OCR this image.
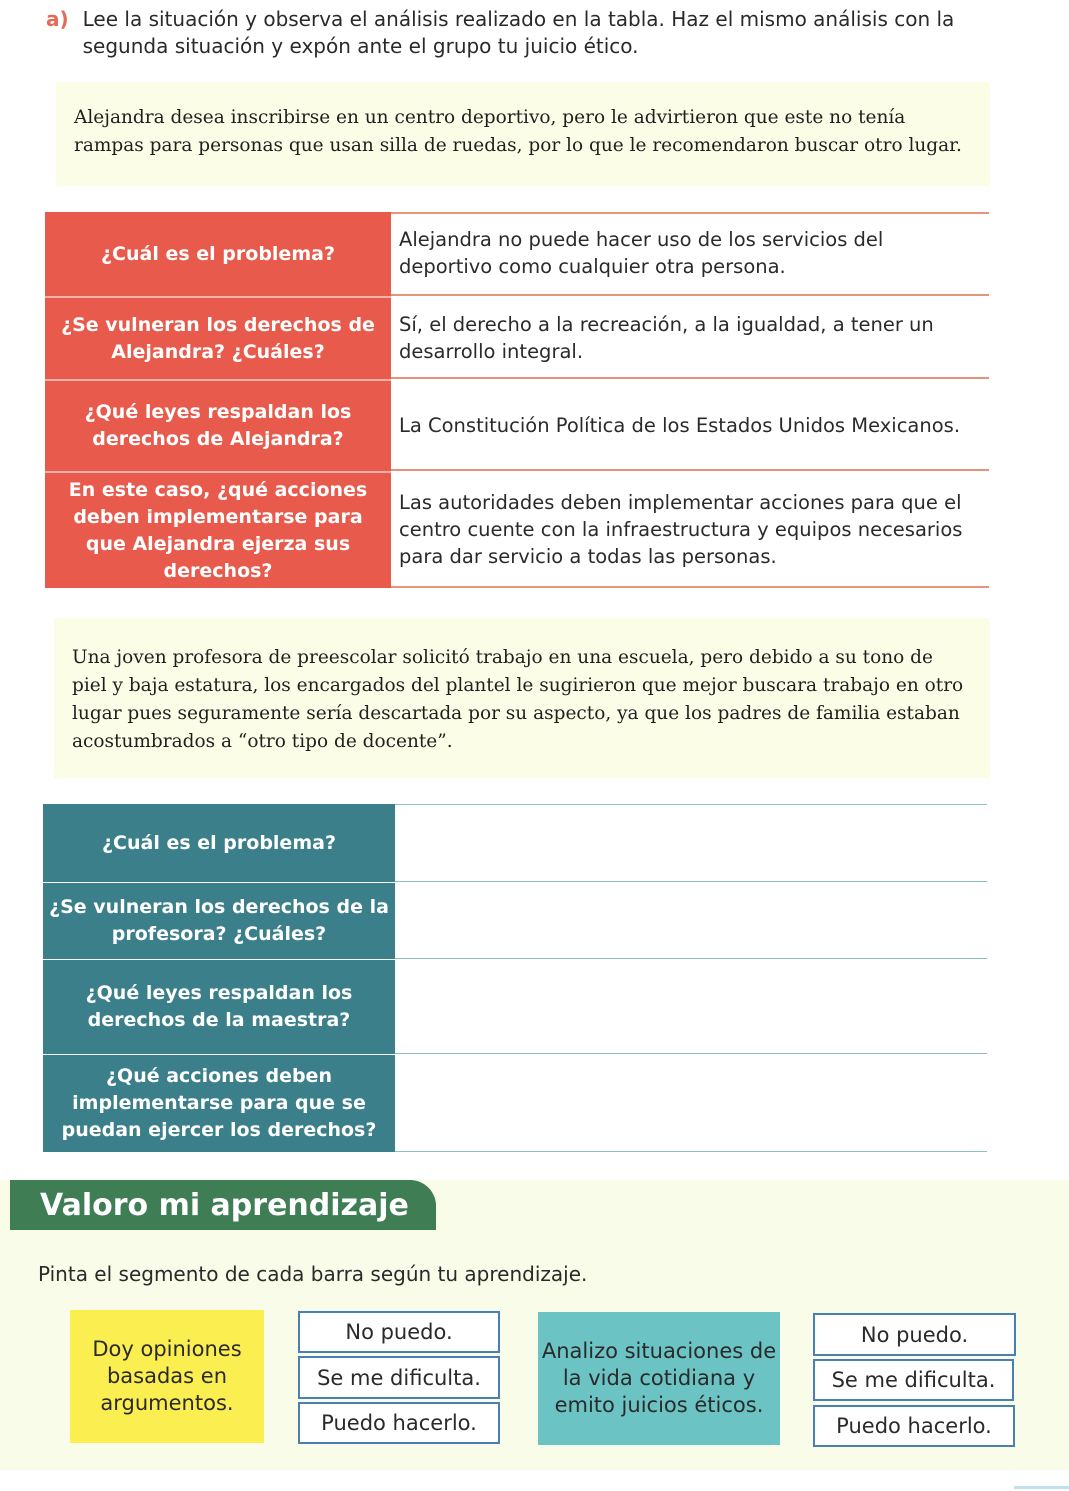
a) Lee la situación y observa el análisis realizado en la tabla. Haz el mismo análisis con la segunda situación y expón ante el grupo tu juicio ético.
Alejandra desea inscribirse en un centro deportivo, pero le advirtieron que este no tenía rampas para personas que usan silla de ruedas, por lo que le recomendaron buscar otro lugar.
¿Cuál es el problema?
Alejandra no puede hacer uso de los servicios del deportivo como cualquier otra persona.
¿Se vulneran los derechos de Alejandra? ¿Cuáles?
Sí, el derecho a la recreación, a la igualdad, a tener un desarrollo integral.
¿Qué leyes respaldan los derechos de Alejandra?
La Constitución Política de los Estados Unidos Mexicanos.
En este caso, ¿qué acciones deben implementarse para que Alejandra ejerza sus derechos?
Las autoridades deben implementar acciones para que el centro cuente con la infraestructura y equipos necesarios para dar servicio a todas las personas.
Una joven profesora de preescolar solicitó trabajo en una escuela, pero debido a su tono de piel y baja estatura, los encargados del plantel le sugirieron que mejor buscara trabajo en otro lugar pues seguramente sería descartada por su aspecto, ya que los padres de familia estaban acostumbrados a “otro tipo de docente”.
¿Cuál es el problema?
¿Se vulneran los derechos de la profesora? ¿Cuáles?
¿Qué leyes respaldan los derechos de la maestra?
¿Qué acciones deben implementarse para que se puedan ejercer los derechos?
Valoro mi aprendizaje
Pinta el segmento de cada barra según tu aprendizaje.
Doy opiniones basadas en argumentos.
No puedo.
Se me dificulta.
Puedo hacerlo.
Analizo situaciones de la vida cotidiana y emito juicios éticos.
No puedo.
Se me dificulta.
Puedo hacerlo.
